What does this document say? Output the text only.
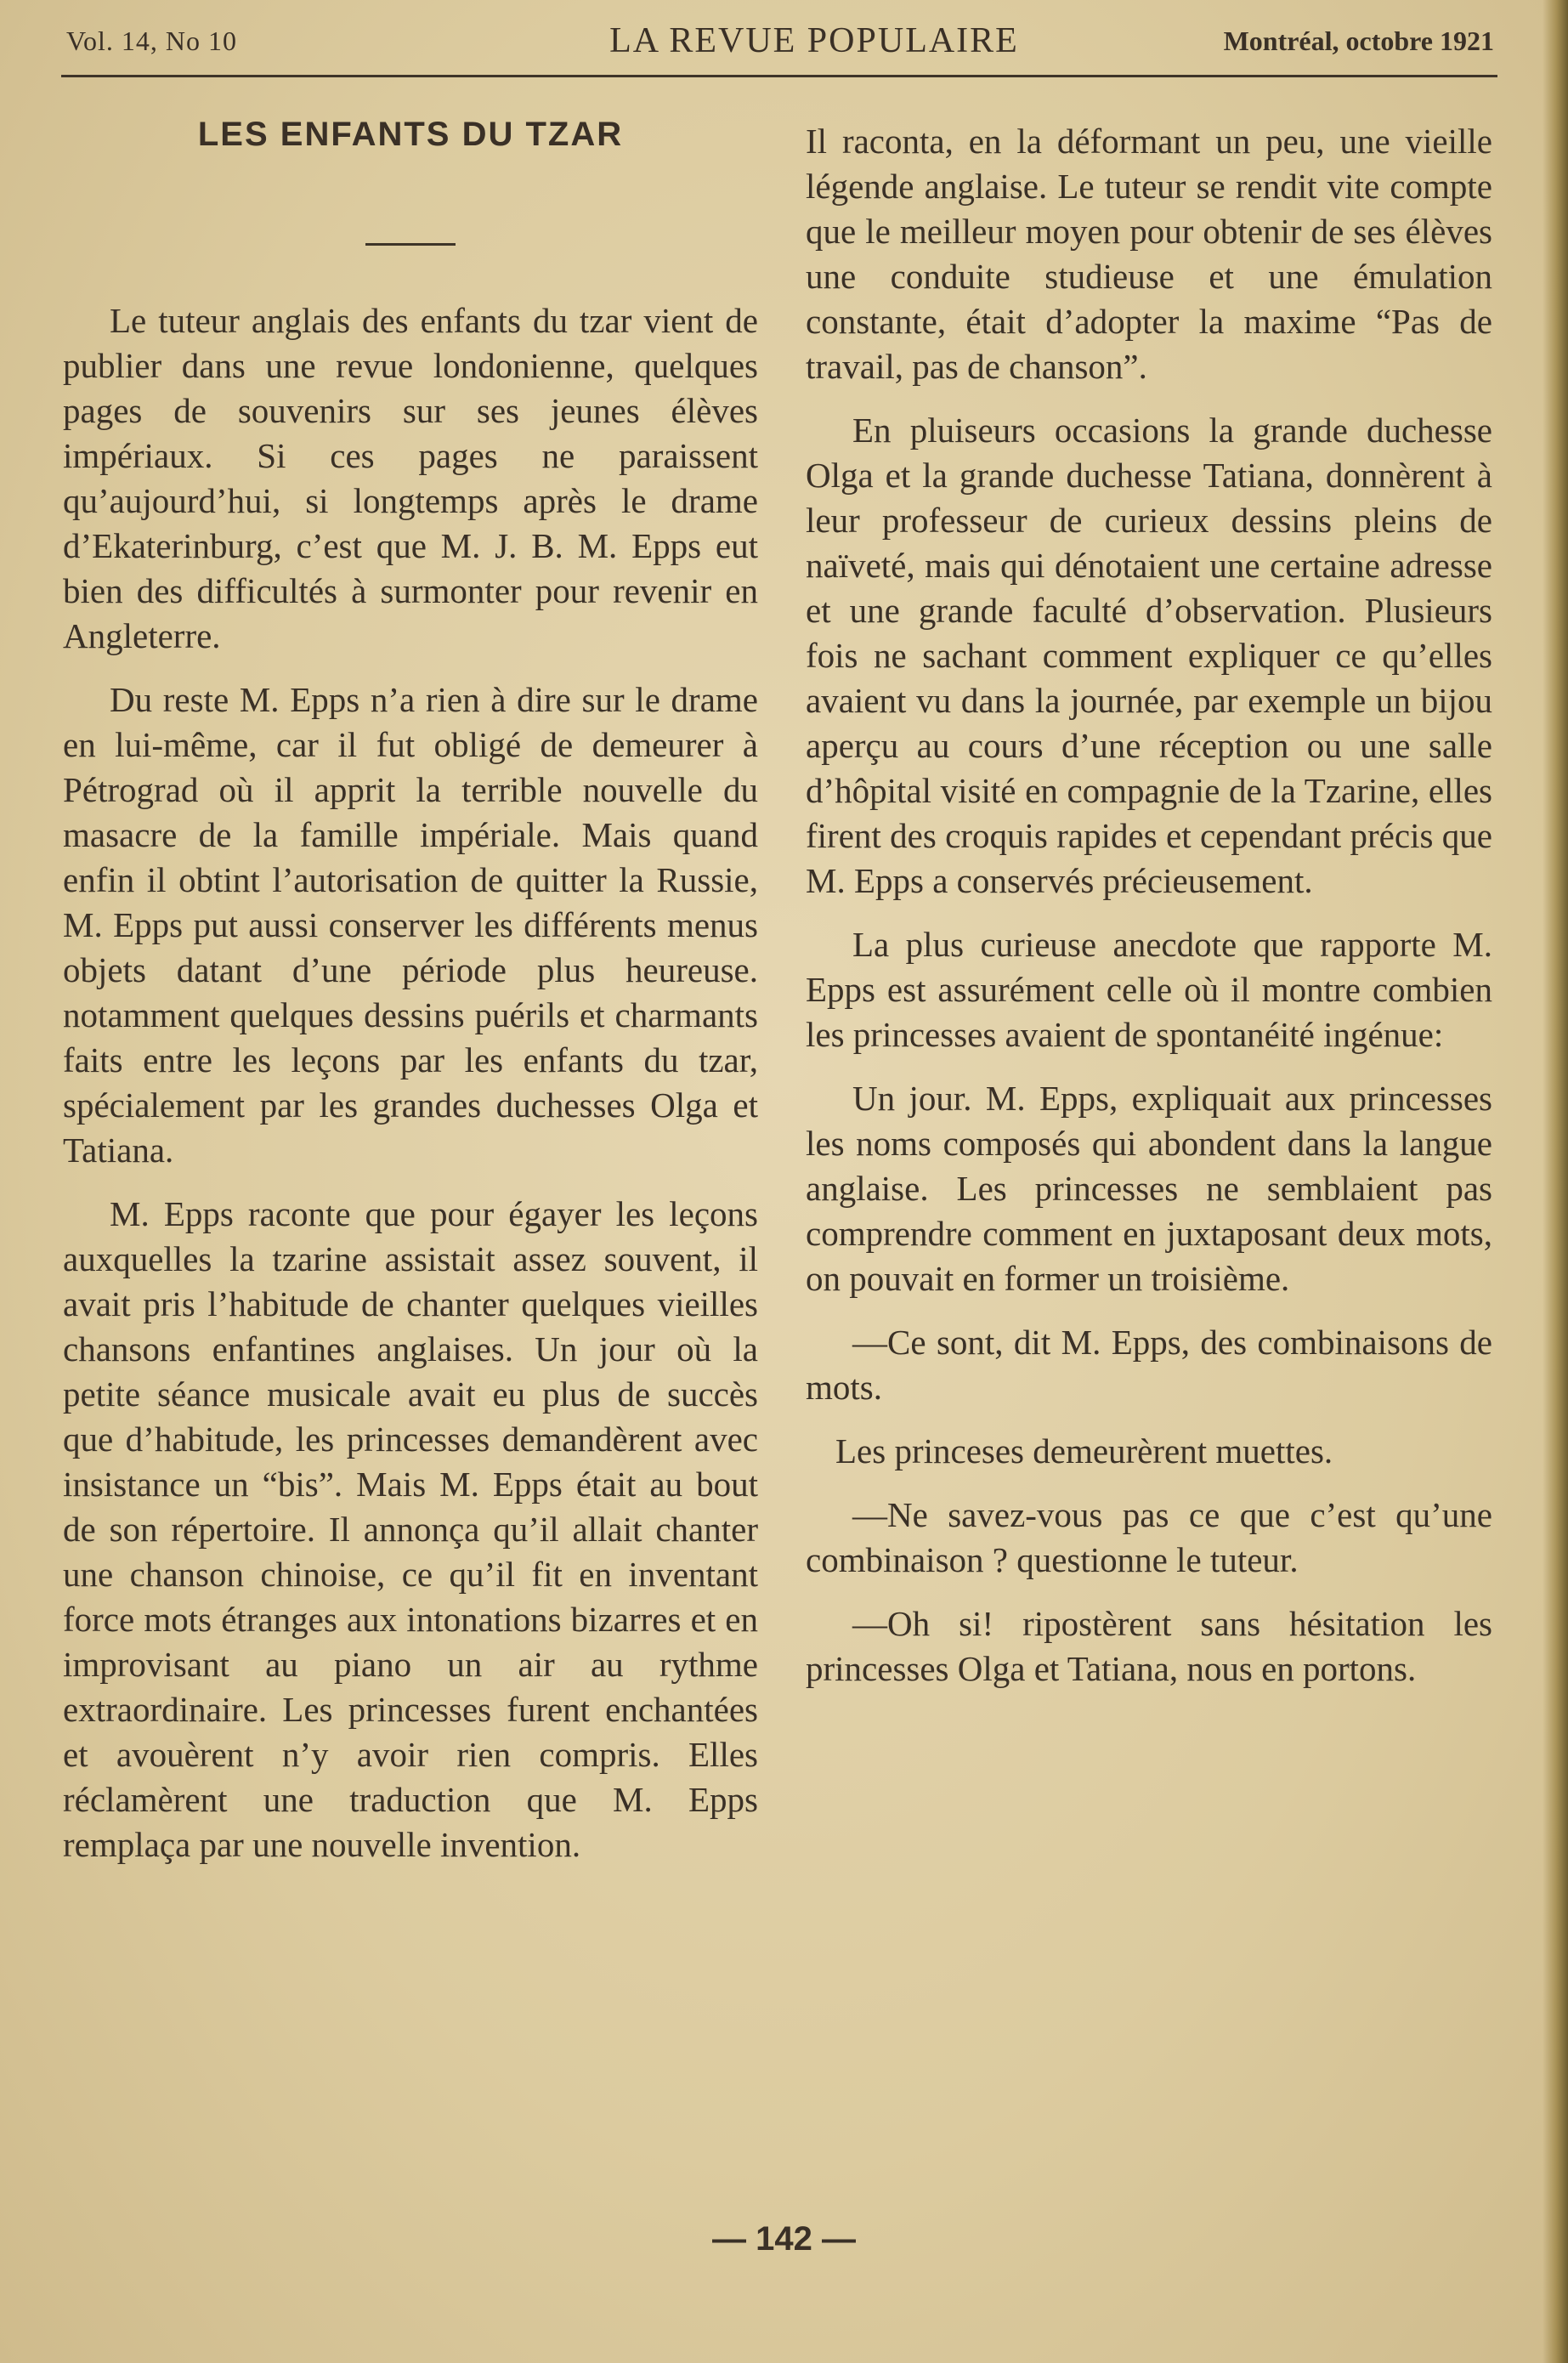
Vol. 14, No 10	LA REVUE POPULAIRE	Montréal, octobre 1921
LES ENFANTS DU TZAR

Le tuteur anglais des enfants du tzar vient de publier dans une revue londonienne, quelques pages de souvenirs sur ses jeunes élèves impériaux. Si ces pages ne paraissent qu’aujourd’hui, si longtemps après le drame d’Ekaterinburg, c’est que M. J. B. M. Epps eut bien des difficultés à surmonter pour revenir en Angleterre.

Du reste M. Epps n’a rien à dire sur le drame en lui-même, car il fut obligé de demeurer à Pétrograd où il apprit la terrible nouvelle du masacre de la famille impériale. Mais quand enfin il obtint l’autorisation de quitter la Russie, M. Epps put aussi conserver les différents menus objets datant d’une période plus heureuse. notamment quelques dessins puérils et charmants faits entre les leçons par les enfants du tzar, spécialement par les grandes duchesses Olga et Tatiana.

M. Epps raconte que pour égayer les leçons auxquelles la tzarine assistait assez souvent, il avait pris l’habitude de chanter quelques vieilles chansons enfantines anglaises. Un jour où la petite séance musicale avait eu plus de succès que d’habitude, les princesses demandèrent avec insistance un “bis”. Mais M. Epps était au bout de son répertoire. Il annonça qu’il allait chanter une chanson chinoise, ce qu’il fit en inventant force mots étranges aux intonations bizarres et en improvisant au piano un air au rythme extraordinaire. Les princesses furent enchantées et avouèrent n’y avoir rien compris. Elles réclamèrent une traduction que M. Epps remplaça par une nouvelle invention.

Il raconta, en la déformant un peu, une vieille légende anglaise. Le tuteur se rendit vite compte que le meilleur moyen pour obtenir de ses élèves une conduite studieuse et une émulation constante, était d’adopter la maxime “Pas de travail, pas de chanson”.

En pluiseurs occasions la grande duchesse Olga et la grande duchesse Tatiana, donnèrent à leur professeur de curieux dessins pleins de naïveté, mais qui dénotaient une certaine adresse et une grande faculté d’observation. Plusieurs fois ne sachant comment expliquer ce qu’elles avaient vu dans la journée, par exemple un bijou aperçu au cours d’une réception ou une salle d’hôpital visité en compagnie de la Tzarine, elles firent des croquis rapides et cependant précis que M. Epps a conservés précieusement.

La plus curieuse anecdote que rapporte M. Epps est assurément celle où il montre combien les princesses avaient de spontanéité ingénue:

Un jour. M. Epps, expliquait aux princesses les noms composés qui abondent dans la langue anglaise. Les princesses ne semblaient pas comprendre comment en juxtaposant deux mots, on pouvait en former un troisième.

—Ce sont, dit M. Epps, des combinaisons de mots.

Les princeses demeurèrent muettes.

—Ne savez-vous pas ce que c’est qu’une combinaison ? questionne le tuteur.

—Oh si! ripostèrent sans hésitation les princesses Olga et Tatiana, nous en portons.

— 142 —
